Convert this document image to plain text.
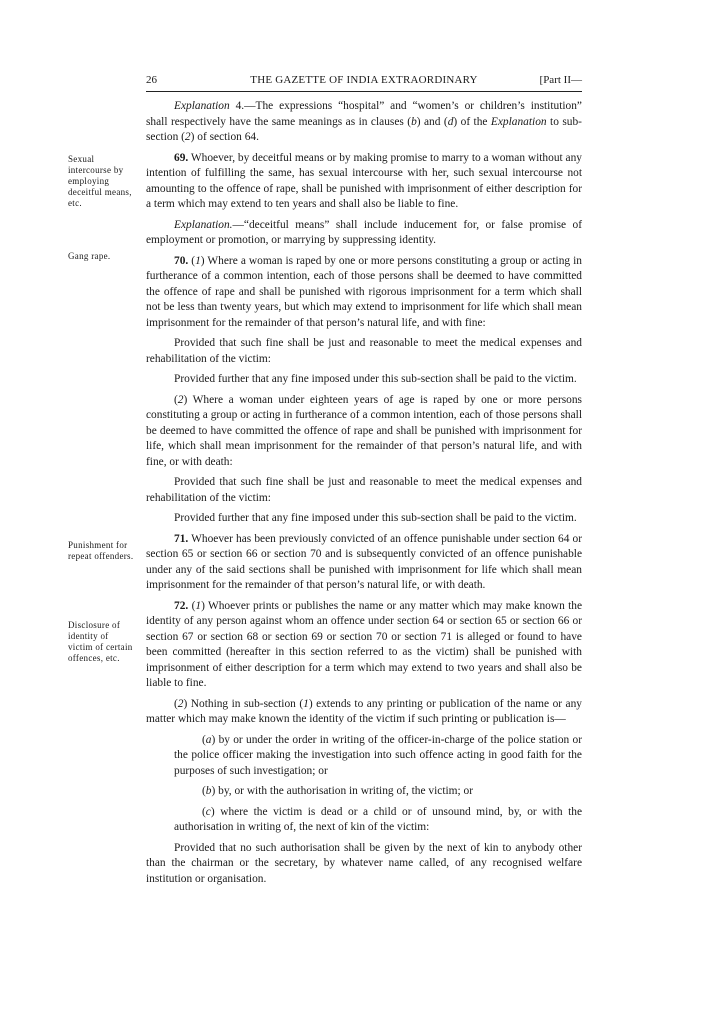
26	THE GAZETTE OF INDIA EXTRAORDINARY	[Part II—
Sexual intercourse by employing deceitful means, etc.
Gang rape.
Punishment for repeat offenders.
Disclosure of identity of victim of certain offences, etc.

Explanation 4.—The expressions “hospital” and “women’s or children’s institution” shall respectively have the same meanings as in clauses (b) and (d) of the Explanation to sub-section (2) of section 64.

69. Whoever, by deceitful means or by making promise to marry to a woman without any intention of fulfilling the same, has sexual intercourse with her, such sexual intercourse not amounting to the offence of rape, shall be punished with imprisonment of either description for a term which may extend to ten years and shall also be liable to fine.

Explanation.—“deceitful means” shall include inducement for, or false promise of employment or promotion, or marrying by suppressing identity.

70. (1) Where a woman is raped by one or more persons constituting a group or acting in furtherance of a common intention, each of those persons shall be deemed to have committed the offence of rape and shall be punished with rigorous imprisonment for a term which shall not be less than twenty years, but which may extend to imprisonment for life which shall mean imprisonment for the remainder of that person’s natural life, and with fine:

Provided that such fine shall be just and reasonable to meet the medical expenses and rehabilitation of the victim:

Provided further that any fine imposed under this sub-section shall be paid to the victim.

(2) Where a woman under eighteen years of age is raped by one or more persons constituting a group or acting in furtherance of a common intention, each of those persons shall be deemed to have committed the offence of rape and shall be punished with imprisonment for life, which shall mean imprisonment for the remainder of that person’s natural life, and with fine, or with death:

Provided that such fine shall be just and reasonable to meet the medical expenses and rehabilitation of the victim:

Provided further that any fine imposed under this sub-section shall be paid to the victim.

71. Whoever has been previously convicted of an offence punishable under section 64 or section 65 or section 66 or section 70 and is subsequently convicted of an offence punishable under any of the said sections shall be punished with imprisonment for life which shall mean imprisonment for the remainder of that person’s natural life, or with death.

72. (1) Whoever prints or publishes the name or any matter which may make known the identity of any person against whom an offence under section 64 or section 65 or section 66 or section 67 or section 68 or section 69 or section 70 or section 71 is alleged or found to have been committed (hereafter in this section referred to as the victim) shall be punished with imprisonment of either description for a term which may extend to two years and shall also be liable to fine.

(2) Nothing in sub-section (1) extends to any printing or publication of the name or any matter which may make known the identity of the victim if such printing or publication is—

(a) by or under the order in writing of the officer-in-charge of the police station or the police officer making the investigation into such offence acting in good faith for the purposes of such investigation; or

(b) by, or with the authorisation in writing of, the victim; or

(c) where the victim is dead or a child or of unsound mind, by, or with the authorisation in writing of, the next of kin of the victim:

Provided that no such authorisation shall be given by the next of kin to anybody other than the chairman or the secretary, by whatever name called, of any recognised welfare institution or organisation.
